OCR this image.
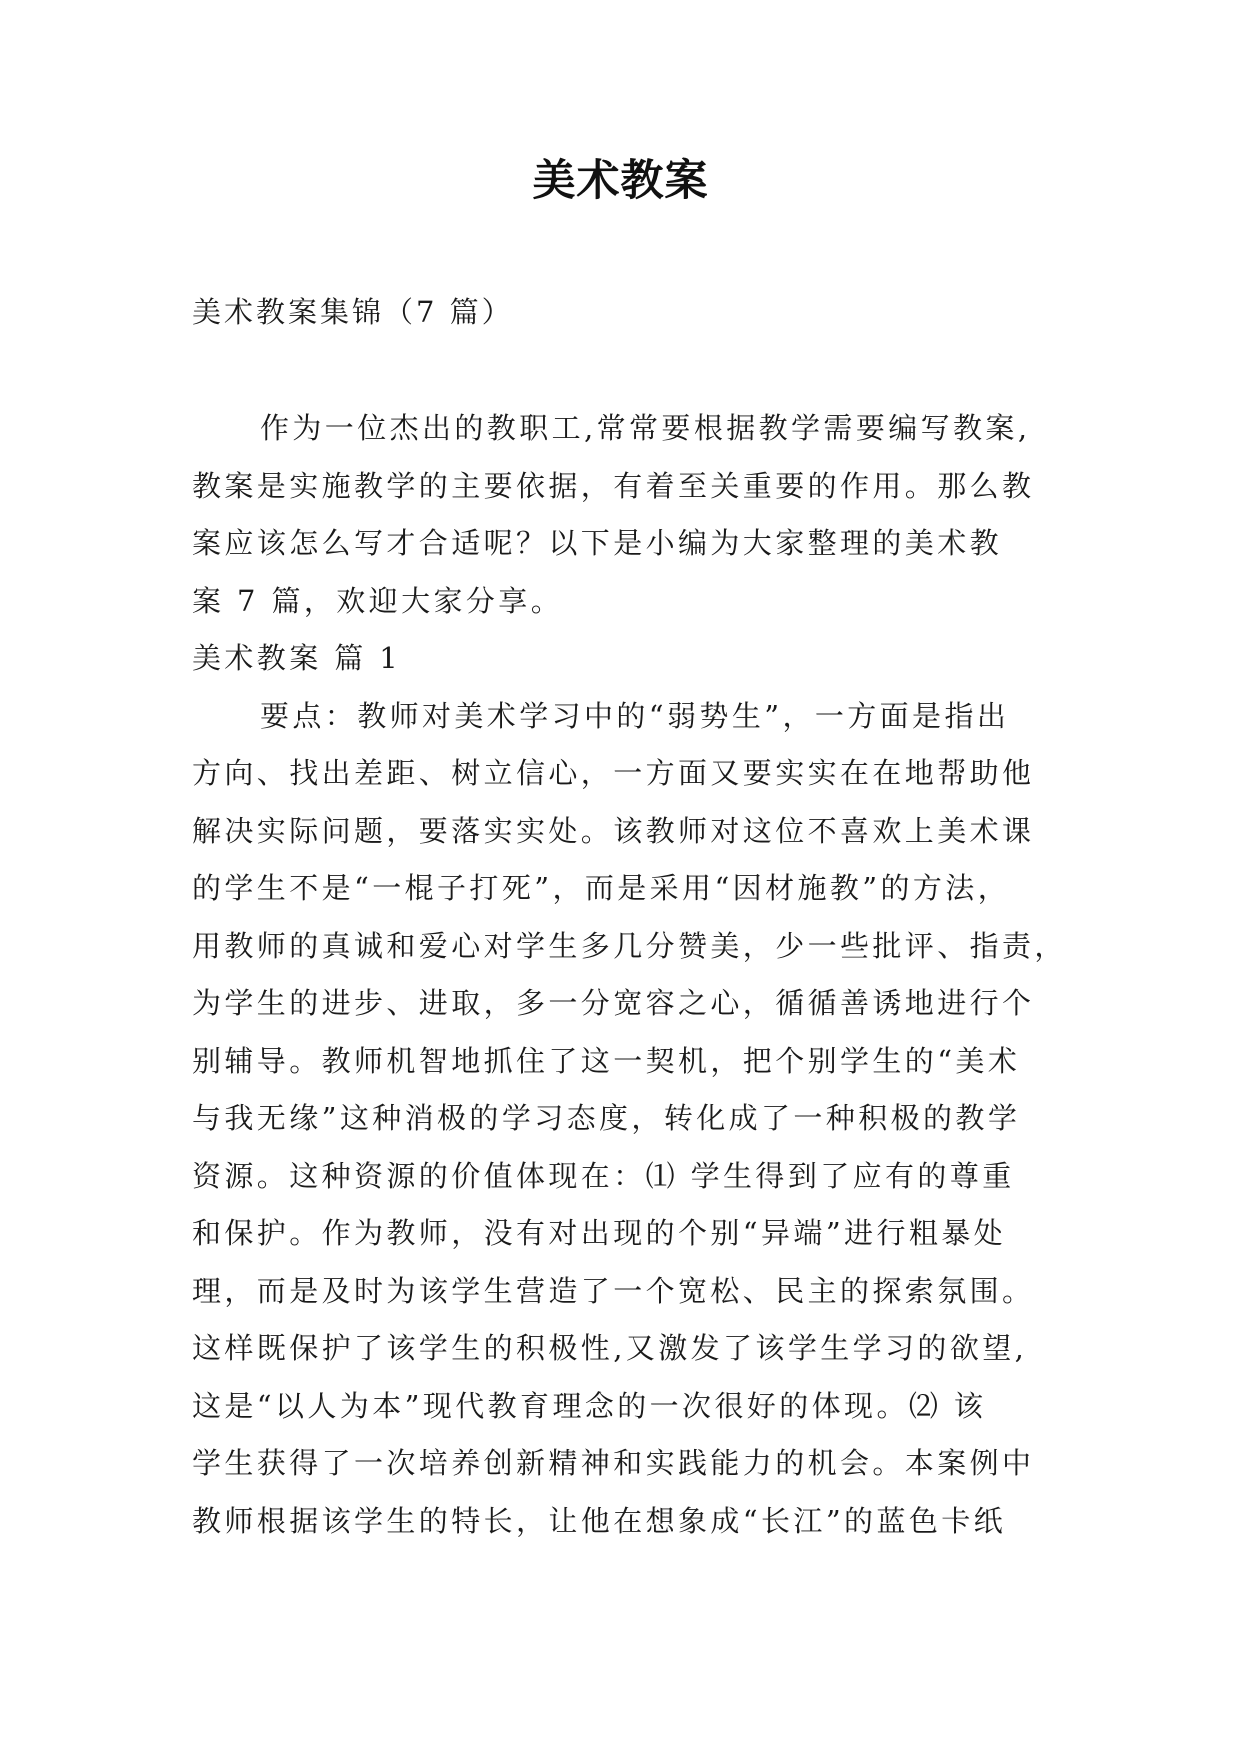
美术教案
美术教案集锦（7 篇）
作为一位杰出的教职工,常常要根据教学需要编写教案,
教案是实施教学的主要依据，有着至关重要的作用。那么教
案应该怎么写才合适呢？以下是小编为大家整理的美术教
案 7 篇，欢迎大家分享。
美术教案 篇 1
要点：教师对美术学习中的“弱势生”，一方面是指出
方向、找出差距、树立信心，一方面又要实实在在地帮助他
解决实际问题，要落实实处。该教师对这位不喜欢上美术课
的学生不是“一棍子打死”，而是采用“因材施教”的方法，
用教师的真诚和爱心对学生多几分赞美，少一些批评、指责，
为学生的进步、进取，多一分宽容之心，循循善诱地进行个
别辅导。教师机智地抓住了这一契机，把个别学生的“美术
与我无缘”这种消极的学习态度，转化成了一种积极的教学
资源。这种资源的价值体现在：⑴ 学生得到了应有的尊重
和保护。作为教师，没有对出现的个别“异端”进行粗暴处
理，而是及时为该学生营造了一个宽松、民主的探索氛围。
这样既保护了该学生的积极性,又激发了该学生学习的欲望,
这是“以人为本”现代教育理念的一次很好的体现。⑵ 该
学生获得了一次培养创新精神和实践能力的机会。本案例中
教师根据该学生的特长，让他在想象成“长江”的蓝色卡纸
